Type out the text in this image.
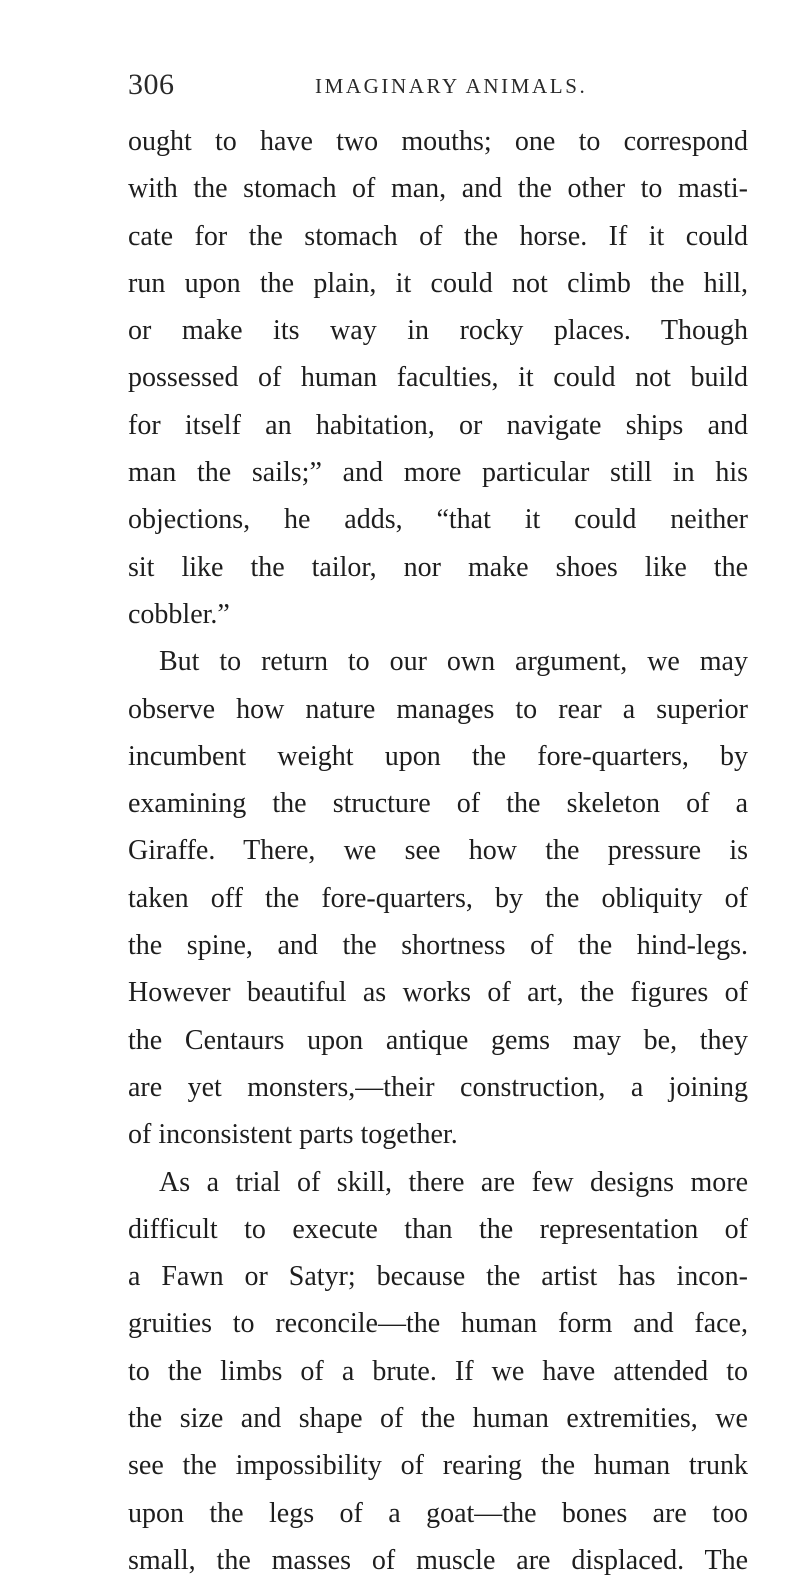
306	IMAGINARY ANIMALS.
ought to have two mouths; one to correspond
with the stomach of man, and the other to masti-
cate for the stomach of the horse. If it could
run upon the plain, it could not climb the hill,
or make its way in rocky places. Though
possessed of human faculties, it could not build
for itself an habitation, or navigate ships and
man the sails;” and more particular still in his
objections, he adds, “that it could neither
sit like the tailor, nor make shoes like the
cobbler.”
But to return to our own argument, we may
observe how nature manages to rear a superior
incumbent weight upon the fore-quarters, by
examining the structure of the skeleton of a
Giraffe. There, we see how the pressure is
taken off the fore-quarters, by the obliquity of
the spine, and the shortness of the hind-legs.
However beautiful as works of art, the figures of
the Centaurs upon antique gems may be, they
are yet monsters,—their construction, a joining
of inconsistent parts together.
As a trial of skill, there are few designs more
difficult to execute than the representation of
a Fawn or Satyr; because the artist has incon-
gruities to reconcile—the human form and face,
to the limbs of a brute. If we have attended to
the size and shape of the human extremities, we
see the impossibility of rearing the human trunk
upon the legs of a goat—the bones are too
small, the masses of muscle are displaced. The
